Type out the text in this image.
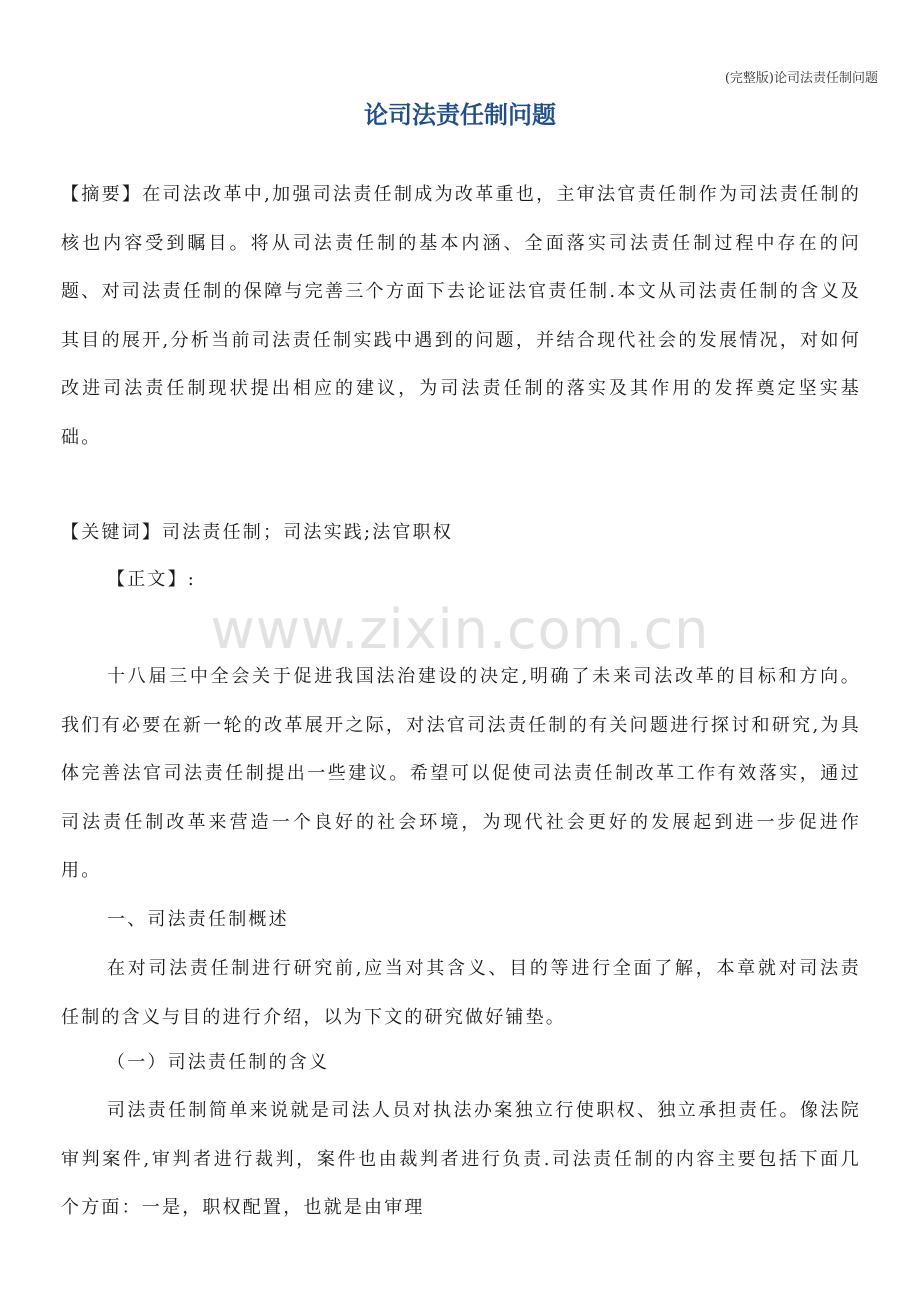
(完整版)论司法责任制问题
论司法责任制问题

【摘要】在司法改革中,加强司法责任制成为改革重也，主审法官责任制作为司法责任制的核也内容受到瞩目。将从司法责任制的基本内涵、全面落实司法责任制过程中存在的问题、对司法责任制的保障与完善三个方面下去论证法官责任制.本文从司法责任制的含义及其目的展开,分析当前司法责任制实践中遇到的问题，并结合现代社会的发展情况，对如何改进司法责任制现状提出相应的建议，为司法责任制的落实及其作用的发挥奠定坚实基础。

【关键词】司法责任制；司法实践;法官职权

【正文】:

www.zixin.com.cn

十八届三中全会关于促进我国法治建设的决定,明确了未来司法改革的目标和方向。我们有必要在新一轮的改革展开之际，对法官司法责任制的有关问题进行探讨和研究,为具体完善法官司法责任制提出一些建议。希望可以促使司法责任制改革工作有效落实，通过司法责任制改革来营造一个良好的社会环境，为现代社会更好的发展起到进一步促进作用。

一、司法责任制概述

在对司法责任制进行研究前,应当对其含义、目的等进行全面了解，本章就对司法责任制的含义与目的进行介绍，以为下文的研究做好铺垫。

（一）司法责任制的含义

司法责任制简单来说就是司法人员对执法办案独立行使职权、独立承担责任。像法院审判案件,审判者进行裁判，案件也由裁判者进行负责.司法责任制的内容主要包括下面几个方面：一是，职权配置，也就是由审理
